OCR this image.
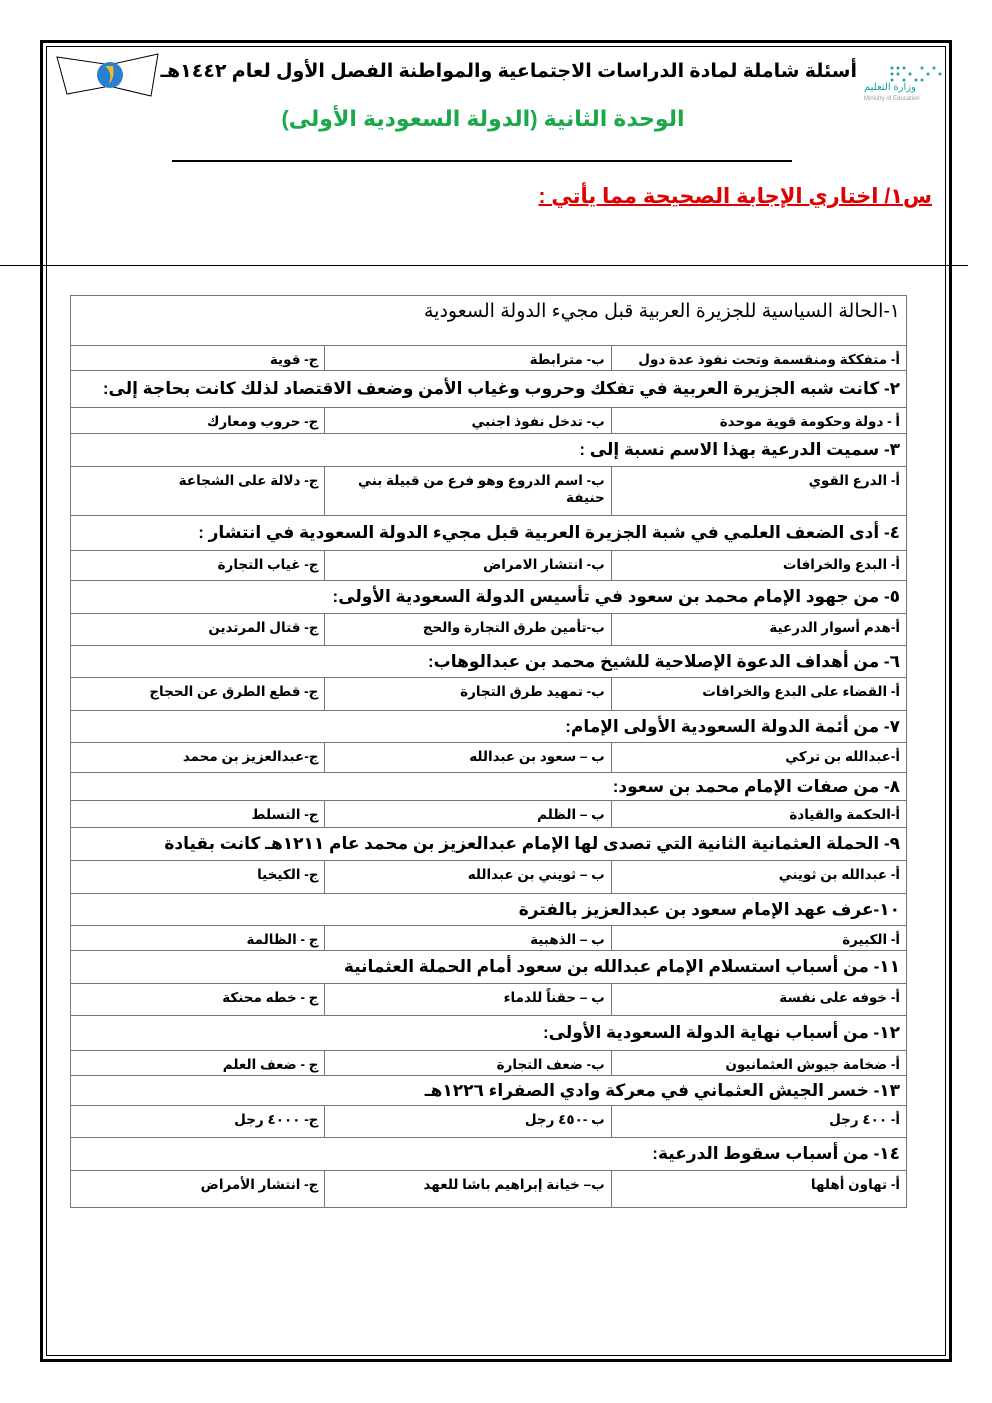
وزارة التعليم
Ministry of Education
أسئلة شاملة لمادة الدراسات الاجتماعية والمواطنة الفصل الأول لعام ١٤٤٢هـ
الوحدة الثانية (الدولة السعودية الأولى)
س١/ اختاري الإجابة الصحيحة مما يأتي :
١-الحالة السياسية للجزيرة العربية قبل مجيء الدولة السعودية		
أ- متفككة ومنقسمة وتحت نفوذ عدة دول	ب- مترابطة	ج- قوية
٢- كانت شبه الجزيرة العربية في تفكك وحروب وغياب الأمن وضعف الاقتصاد لذلك كانت بحاجة إلى:		
أ - دولة وحكومة قوية موحدة	ب- تدخل نفوذ اجنبي	ج- حروب ومعارك
٣- سميت الدرعية بهذا الاسم نسبة إلى :		
أ- الدرع القوي	ب- اسم الدروع وهو فرع من قبيلة بني حنيفة	ج- دلالة على الشجاعة
٤- أدى الضعف العلمي في شبة الجزيرة العربية قبل مجيء الدولة السعودية في انتشار :		
أ- البدع والخرافات	ب- انتشار الامراض	ج- غياب التجارة
٥- من جهود الإمام محمد بن سعود في تأسيس الدولة السعودية الأولى:		
أ-هدم أسوار الدرعية	ب-تأمين طرق التجارة والحج	ج- قتال المرتدين
٦- من أهداف الدعوة الإصلاحية للشيخ محمد بن عبدالوهاب:		
أ- القضاء على البدع والخرافات	ب- تمهيد طرق التجارة	ج- قطع الطرق عن الحجاج
٧- من أئمة الدولة السعودية الأولى الإمام:		
أ-عبدالله بن تركي	ب – سعود بن عبدالله	ج-عبدالعزيز بن محمد
٨- من صفات الإمام محمد بن سعود:		
أ-الحكمة والقيادة	ب – الظلم	ج- التسلط
٩- الحملة العثمانية الثانية التي تصدى لها الإمام عبدالعزيز بن محمد عام ١٢١١هـ كانت بقيادة		
أ- عبدالله بن ثويني	ب – ثويني بن عبدالله	ج- الكيخيا
١٠-عرف عهد الإمام سعود بن عبدالعزيز بالفترة		
أ- الكبيرة	ب – الذهبية	ج - الظالمة
١١- من أسباب استسلام الإمام عبدالله بن سعود أمام الحملة العثمانية		
أ- خوفه على نفسة	ب – حقناً للدماء	ج - خطه محنكة
١٢- من أسباب نهاية الدولة السعودية الأولى:		
أ- ضخامة جيوش العثمانيون	ب- ضعف التجارة	ج - ضعف العلم
١٣- خسر الجيش العثماني في معركة وادي الصفراء ١٢٢٦هـ		
أ- ٤٠٠ رجل	ب -٤٥٠ رجل	ج- ٤٠٠٠ رجل
١٤- من أسباب سقوط الدرعية:		
أ- تهاون أهلها	ب– خيانة إبراهيم باشا للعهد	ج- انتشار الأمراض
